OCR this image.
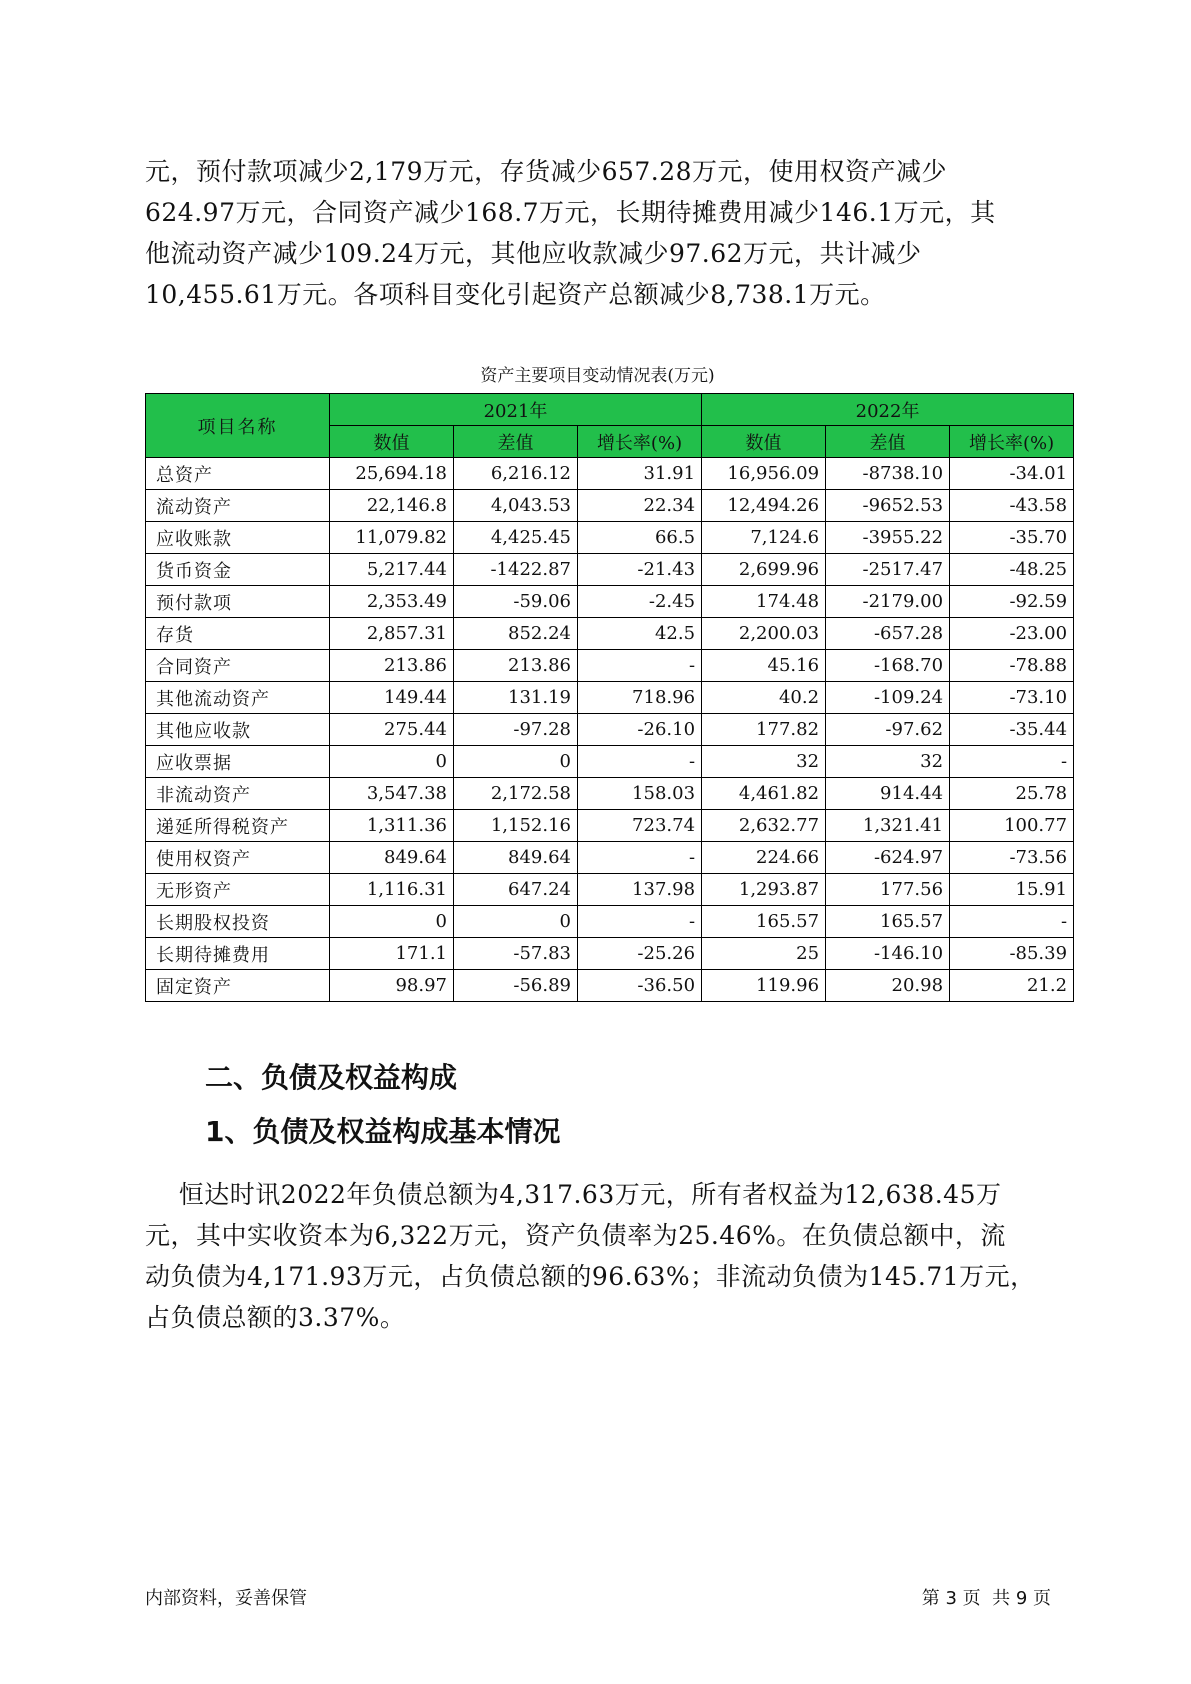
元，预付款项减少2,179万元，存货减少657.28万元，使用权资产减少

624.97万元，合同资产减少168.7万元，长期待摊费用减少146.1万元，其

他流动资产减少109.24万元，其他应收款减少97.62万元，共计减少

10,455.61万元。各项科目变化引起资产总额减少8,738.1万元。

资产主要项目变动情况表(万元)
项目名称	2021年			2022年		
	数值	差值	增长率(%)	数值	差值	增长率(%)
总资产	25,694.18	6,216.12	31.91	16,956.09	-8738.10	-34.01
流动资产	22,146.8	4,043.53	22.34	12,494.26	-9652.53	-43.58
应收账款	11,079.82	4,425.45	66.5	7,124.6	-3955.22	-35.70
货币资金	5,217.44	-1422.87	-21.43	2,699.96	-2517.47	-48.25
预付款项	2,353.49	-59.06	-2.45	174.48	-2179.00	-92.59
存货	2,857.31	852.24	42.5	2,200.03	-657.28	-23.00
合同资产	213.86	213.86	-	45.16	-168.70	-78.88
其他流动资产	149.44	131.19	718.96	40.2	-109.24	-73.10
其他应收款	275.44	-97.28	-26.10	177.82	-97.62	-35.44
应收票据	0	0	-	32	32	-
非流动资产	3,547.38	2,172.58	158.03	4,461.82	914.44	25.78
递延所得税资产	1,311.36	1,152.16	723.74	2,632.77	1,321.41	100.77
使用权资产	849.64	849.64	-	224.66	-624.97	-73.56
无形资产	1,116.31	647.24	137.98	1,293.87	177.56	15.91
长期股权投资	0	0	-	165.57	165.57	-
长期待摊费用	171.1	-57.83	-25.26	25	-146.10	-85.39
固定资产	98.97	-56.89	-36.50	119.96	20.98	21.2
二、负债及权益构成
1、负债及权益构成基本情况

恒达时讯2022年负债总额为4,317.63万元，所有者权益为12,638.45万

元，其中实收资本为6,322万元，资产负债率为25.46%。在负债总额中，流

动负债为4,171.93万元，占负债总额的96.63%；非流动负债为145.71万元，

占负债总额的3.37%。

内部资料，妥善保管	第 3 页  共 9 页
